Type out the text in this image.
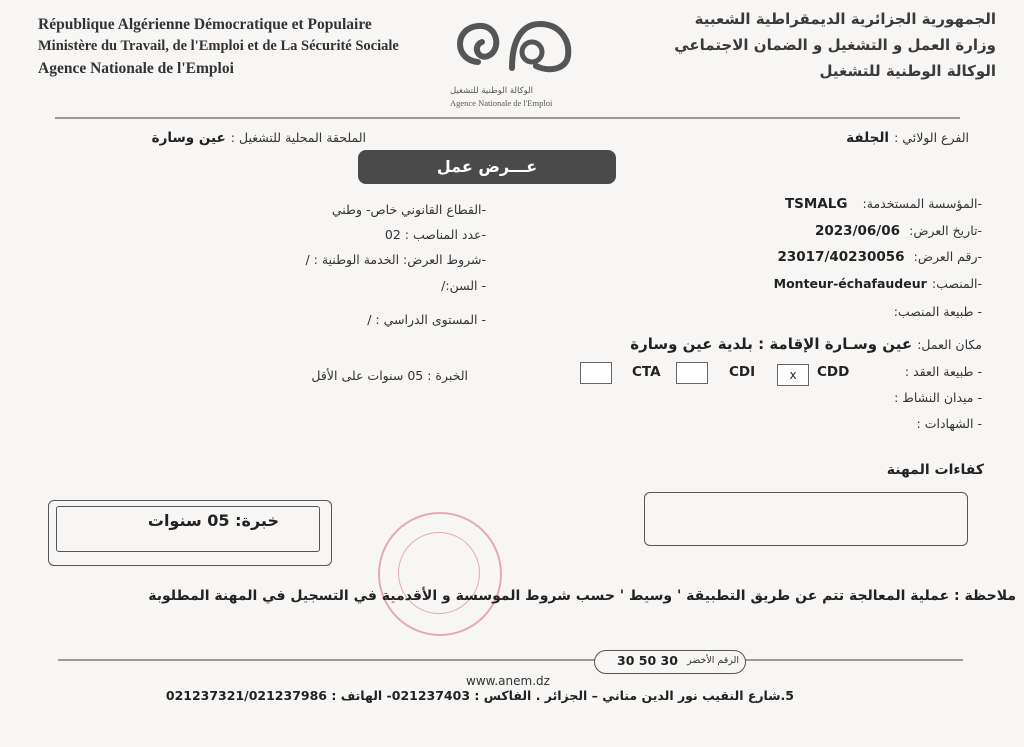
République Algérienne Démocratique et Populaire
Ministère du Travail, de l'Emploi et de La Sécurité Sociale
Agence Nationale de l'Emploi
الوكالة الوطنية للتشغيل
Agence Nationale de l'Emploi
الجمهورية الجزائرية الديمقراطية الشعبية
وزارة العمل و التشغيل و الضمان الاجتماعي
الوكالة الوطنية للتشغيل
الفرع الولائي : الجلفة
الملحقة المحلية للتشغيل : عين وسارة
عـــرض عمل
-المؤسسة المستخدمة: TSMALG
-تاريخ العرض: 2023/06/06
-رقم العرض: 23017/40230056
-المنصب: Monteur-échafaudeur
- طبيعة المنصب:
مكان العمل: عين وسـارة الإقامة : بلدية عين وسارة
- طبيعة العقد :
CDD
x
CDI
CTA
- ميدان النشاط :
- الشهادات :
-القطاع القانوني خاص- وطني
-عدد المناصب : 02
-شروط العرض: الخدمة الوطنية : /
- السن:/
- المستوى الدراسي : /
الخبرة : 05 سنوات على الأقل
كفاءات المهنة
خبرة: 05 سنوات
ملاحظة : عملية المعالجة تتم عن طريق التطبيقة ' وسيط ' حسب شروط الموسسة و الأقدمية في التسجيل في المهنة المطلوبة
30 50 30 الرقم الأخضر
www.anem.dz
5.شارع النقيب نور الدين مناني – الجزائر . الفاكس : 021237403- الهاتف : 021237321/021237986
